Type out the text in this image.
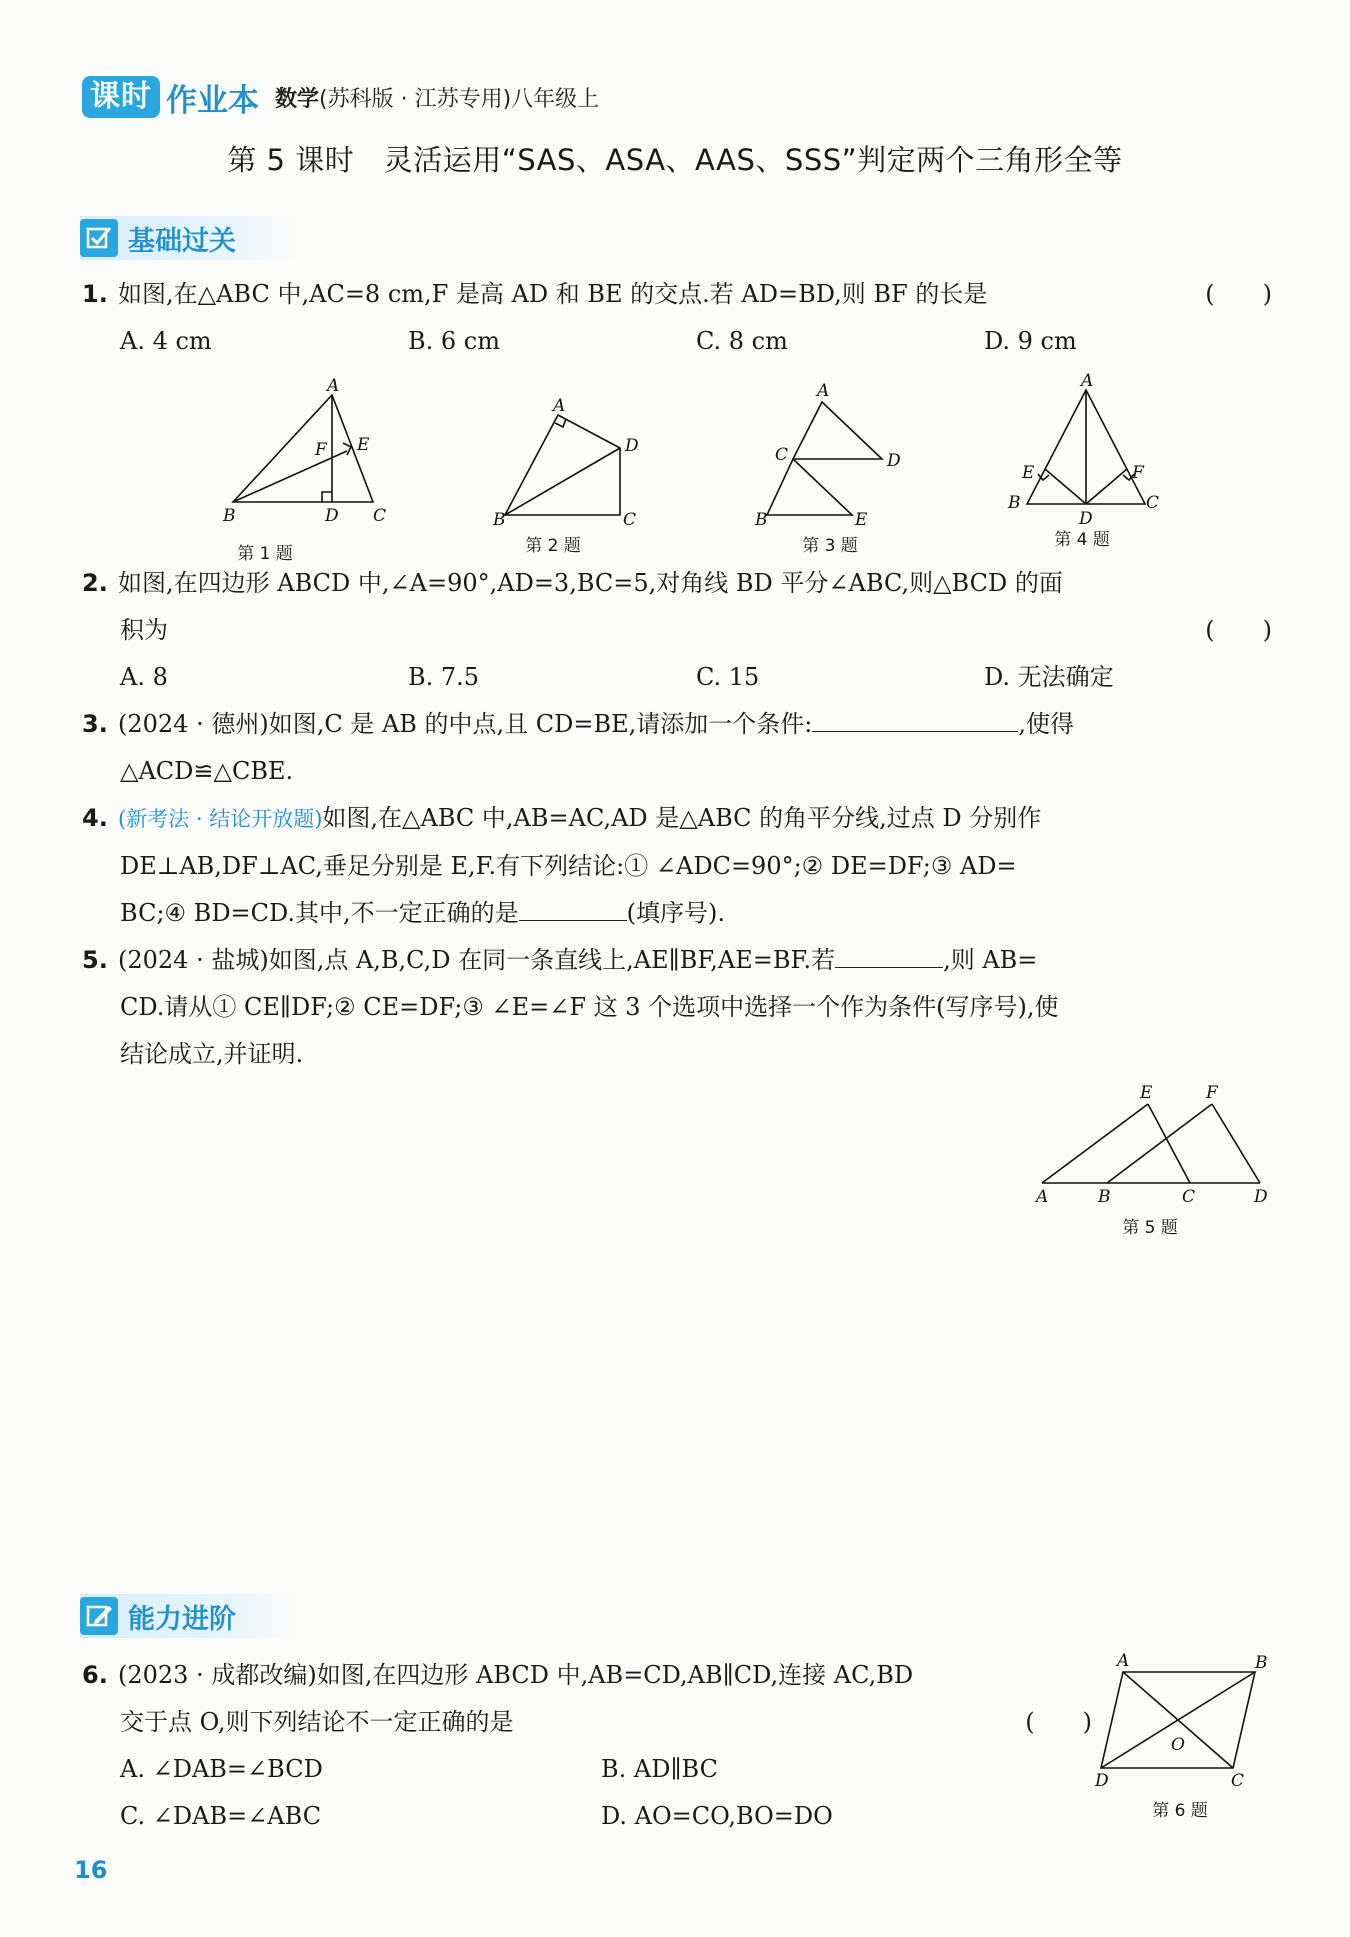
课时 作业本 数学(苏科版 · 江苏专用)八年级上
第 5 课时　灵活运用“SAS、ASA、AAS、SSS”判定两个三角形全等
基础过关
1. 如图,在△ABC 中,AC=8 cm,F 是高 AD 和 BE 的交点.若 AD=BD,则 BF 的长是	(　　)
A. 4 cm	B. 6 cm	C. 8 cm	D. 9 cm
A
F E
B	D C
第 1 题
A
D
B	C
第 2 题
A
C	D
B	E
第 3 题
A
E	F
B
D
C
第 4 题
2. 如图,在四边形 ABCD 中,∠A=90°,AD=3,BC=5,对角线 BD 平分∠ABC,则△BCD 的面
积为	(　　)
A. 8	B. 7.5	C. 15	D. 无法确定
3. (2024 · 德州)如图,C 是 AB 的中点,且 CD=BE,请添加一个条件:	,使得
△ACD≌△CBE.
4. (新考法 · 结论开放题)如图,在△ABC 中,AB=AC,AD 是△ABC 的角平分线,过点 D 分别作
DE⊥AB,DF⊥AC,垂足分别是 E,F.有下列结论:① ∠ADC=90°;② DE=DF;③ AD=
BC;④ BD=CD.其中,不一定正确的是	(填序号).
5. (2024 · 盐城)如图,点 A,B,C,D 在同一条直线上,AE∥BF,AE=BF.若	,则 AB=
CD.请从① CE∥DF;② CE=DF;③ ∠E=∠F 这 3 个选项中选择一个作为条件(写序号),使
结论成立,并证明.
E	F
A	B	C	D
第 5 题
能力进阶
6. (2023 · 成都改编)如图,在四边形 ABCD 中,AB=CD,AB∥CD,连接 AC,BD
交于点 O,则下列结论不一定正确的是	(　　)
A. ∠DAB=∠BCD	B. AD∥BC
C. ∠DAB=∠ABC	D. AO=CO,BO=DO
A	B
O
D	C
第 6 题
16
